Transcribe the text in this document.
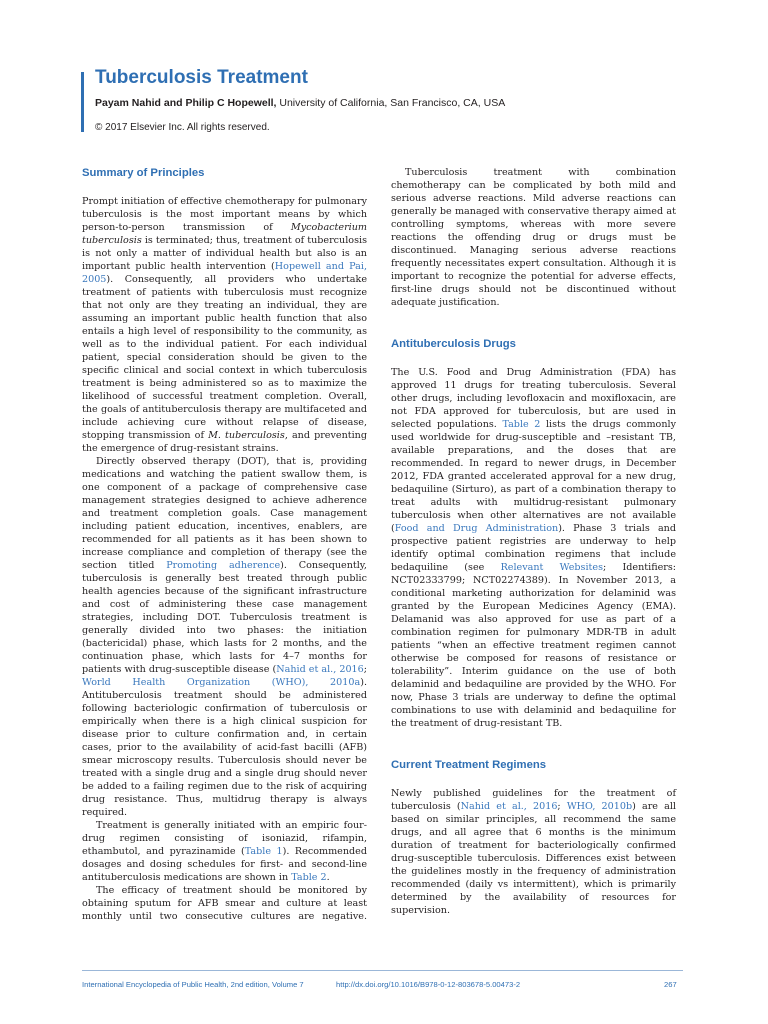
Tuberculosis Treatment
Payam Nahid and Philip C Hopewell, University of California, San Francisco, CA, USA
© 2017 Elsevier Inc. All rights reserved.
Summary of Principles

Prompt initiation of effective chemotherapy for pulmonary tuberculosis is the most important means by which person-to-person transmission of Mycobacterium tuberculosis is terminated; thus, treatment of tuberculosis is not only a matter of individual health but also is an important public health intervention (Hopewell and Pai, 2005). Consequently, all providers who undertake treatment of patients with tuberculosis must recognize that not only are they treating an individual, they are assuming an important public health function that also entails a high level of responsibility to the community, as well as to the individual patient. For each individual patient, special consideration should be given to the specific clinical and social context in which tuberculosis treatment is being administered so as to maximize the likelihood of successful treatment completion. Overall, the goals of antituberculosis therapy are multifaceted and include achieving cure without relapse of disease, stopping transmission of M. tuberculosis, and preventing the emergence of drug-resistant strains.

Directly observed therapy (DOT), that is, providing medications and watching the patient swallow them, is one component of a package of comprehensive case management strategies designed to achieve adherence and treatment completion goals. Case management including patient education, incentives, enablers, are recommended for all patients as it has been shown to increase compliance and completion of therapy (see the section titled Promoting adherence). Consequently, tuberculosis is generally best treated through public health agencies because of the significant infrastructure and cost of administering these case management strategies, including DOT. Tuberculosis treatment is generally divided into two phases: the initiation (bactericidal) phase, which lasts for 2 months, and the continuation phase, which lasts for 4–7 months for patients with drug-susceptible disease (Nahid et al., 2016; World Health Organization (WHO), 2010a). Antituberculosis treatment should be administered following bacteriologic confirmation of tuberculosis or empirically when there is a high clinical suspicion for disease prior to culture confirmation and, in certain cases, prior to the availability of acid-fast bacilli (AFB) smear microscopy results. Tuberculosis should never be treated with a single drug and a single drug should never be added to a failing regimen due to the risk of acquiring drug resistance. Thus, multidrug therapy is always required.

Treatment is generally initiated with an empiric four-drug regimen consisting of isoniazid, rifampin, ethambutol, and pyrazinamide (Table 1). Recommended dosages and dosing schedules for first- and second-line antituberculosis medications are shown in Table 2.

The efficacy of treatment should be monitored by obtaining sputum for AFB smear and culture at least monthly until two consecutive cultures are negative.

Tuberculosis treatment with combination chemotherapy can be complicated by both mild and serious adverse reactions. Mild adverse reactions can generally be managed with conservative therapy aimed at controlling symptoms, whereas with more severe reactions the offending drug or drugs must be discontinued. Managing serious adverse reactions frequently necessitates expert consultation. Although it is important to recognize the potential for adverse effects, first-line drugs should not be discontinued without adequate justification.

Antituberculosis Drugs

The U.S. Food and Drug Administration (FDA) has approved 11 drugs for treating tuberculosis. Several other drugs, including levofloxacin and moxifloxacin, are not FDA approved for tuberculosis, but are used in selected populations. Table 2 lists the drugs commonly used worldwide for drug-susceptible and –resistant TB, available preparations, and the doses that are recommended. In regard to newer drugs, in December 2012, FDA granted accelerated approval for a new drug, bedaquiline (Sirturo), as part of a combination therapy to treat adults with multidrug-resistant pulmonary tuberculosis when other alternatives are not available (Food and Drug Administration). Phase 3 trials and prospective patient registries are underway to help identify optimal combination regimens that include bedaquiline (see Relevant Websites; Identifiers: NCT02333799; NCT02274389). In November 2013, a conditional marketing authorization for delaminid was granted by the European Medicines Agency (EMA). Delamanid was also approved for use as part of a combination regimen for pulmonary MDR-TB in adult patients “when an effective treatment regimen cannot otherwise be composed for reasons of resistance or tolerability”. Interim guidance on the use of both delaminid and bedaquiline are provided by the WHO. For now, Phase 3 trials are underway to define the optimal combinations to use with delaminid and bedaquiline for the treatment of drug-resistant TB.

Current Treatment Regimens

Newly published guidelines for the treatment of tuberculosis (Nahid et al., 2016; WHO, 2010b) are all based on similar principles, all recommend the same drugs, and all agree that 6 months is the minimum duration of treatment for bacteriologically confirmed drug-susceptible tuberculosis. Differences exist between the guidelines mostly in the frequency of administration recommended (daily vs intermittent), which is primarily determined by the availability of resources for supervision.

International Encyclopedia of Public Health, 2nd edition, Volume 7	http://dx.doi.org/10.1016/B978-0-12-803678-5.00473-2	267
